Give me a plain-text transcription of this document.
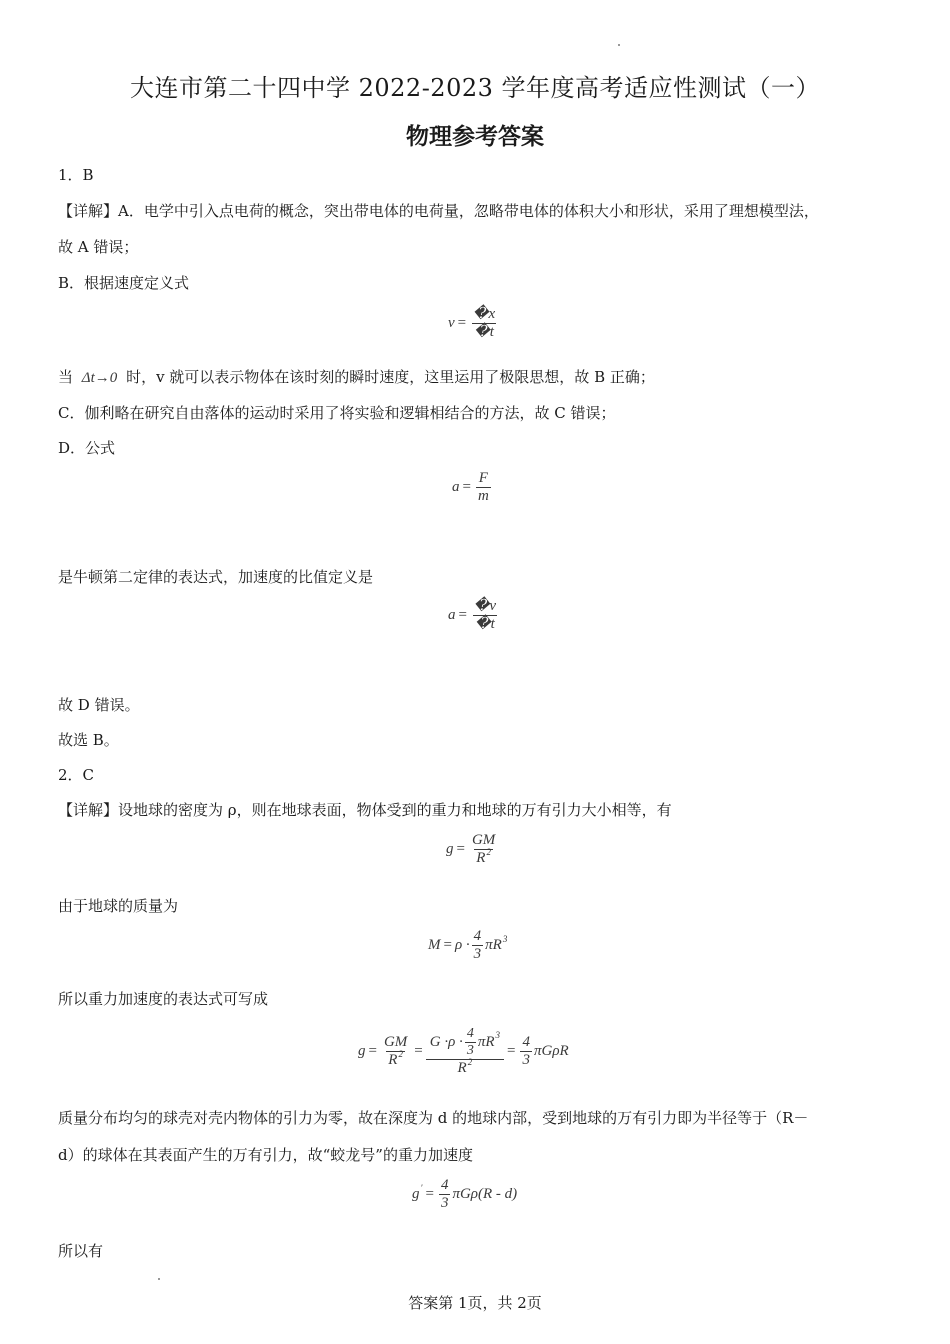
大连市第二十四中学 2022-2023 学年度高考适应性测试（一）
物理参考答案
1．B
【详解】A．电学中引入点电荷的概念，突出带电体的电荷量，忽略带电体的体积大小和形状，采用了理想模型法，
故 A 错误；
B．根据速度定义式
$v = \frac{�x}{�t}$
当 Δt→0 时，v 就可以表示物体在该时刻的瞬时速度，这里运用了极限思想，故 B 正确；
C．伽利略在研究自由落体的运动时采用了将实验和逻辑相结合的方法，故 C 错误；
D．公式
$a = \frac{F}{m}$
是牛顿第二定律的表达式，加速度的比值定义是
$a = \frac{�v}{�t}$
故 D 错误。
故选 B。
2．C
【详解】设地球的密度为 ρ，则在地球表面，物体受到的重力和地球的万有引力大小相等，有
$g = \frac{GM}{R^2}$
由于地球的质量为
$M = \rho \cdot \frac{4}{3}$ πR 3
所以重力加速度的表达式可写成
$g = \frac{GM}{R^2} = \frac{G \cdot\rho \cdot \frac{4}{3} \pi R 3}{R^2} = \frac{4}{3}$ πGρR
质量分布均匀的球壳对壳内物体的引力为零，故在深度为 d 的地球内部，受到地球的万有引力即为半径等于（R－
d）的球体在其表面产生的万有引力，故“蛟龙号”的重力加速度
g ′ = $\frac{4}{3} \pi G\rho(R - d)$
所以有
答案第 1页，共 2页
